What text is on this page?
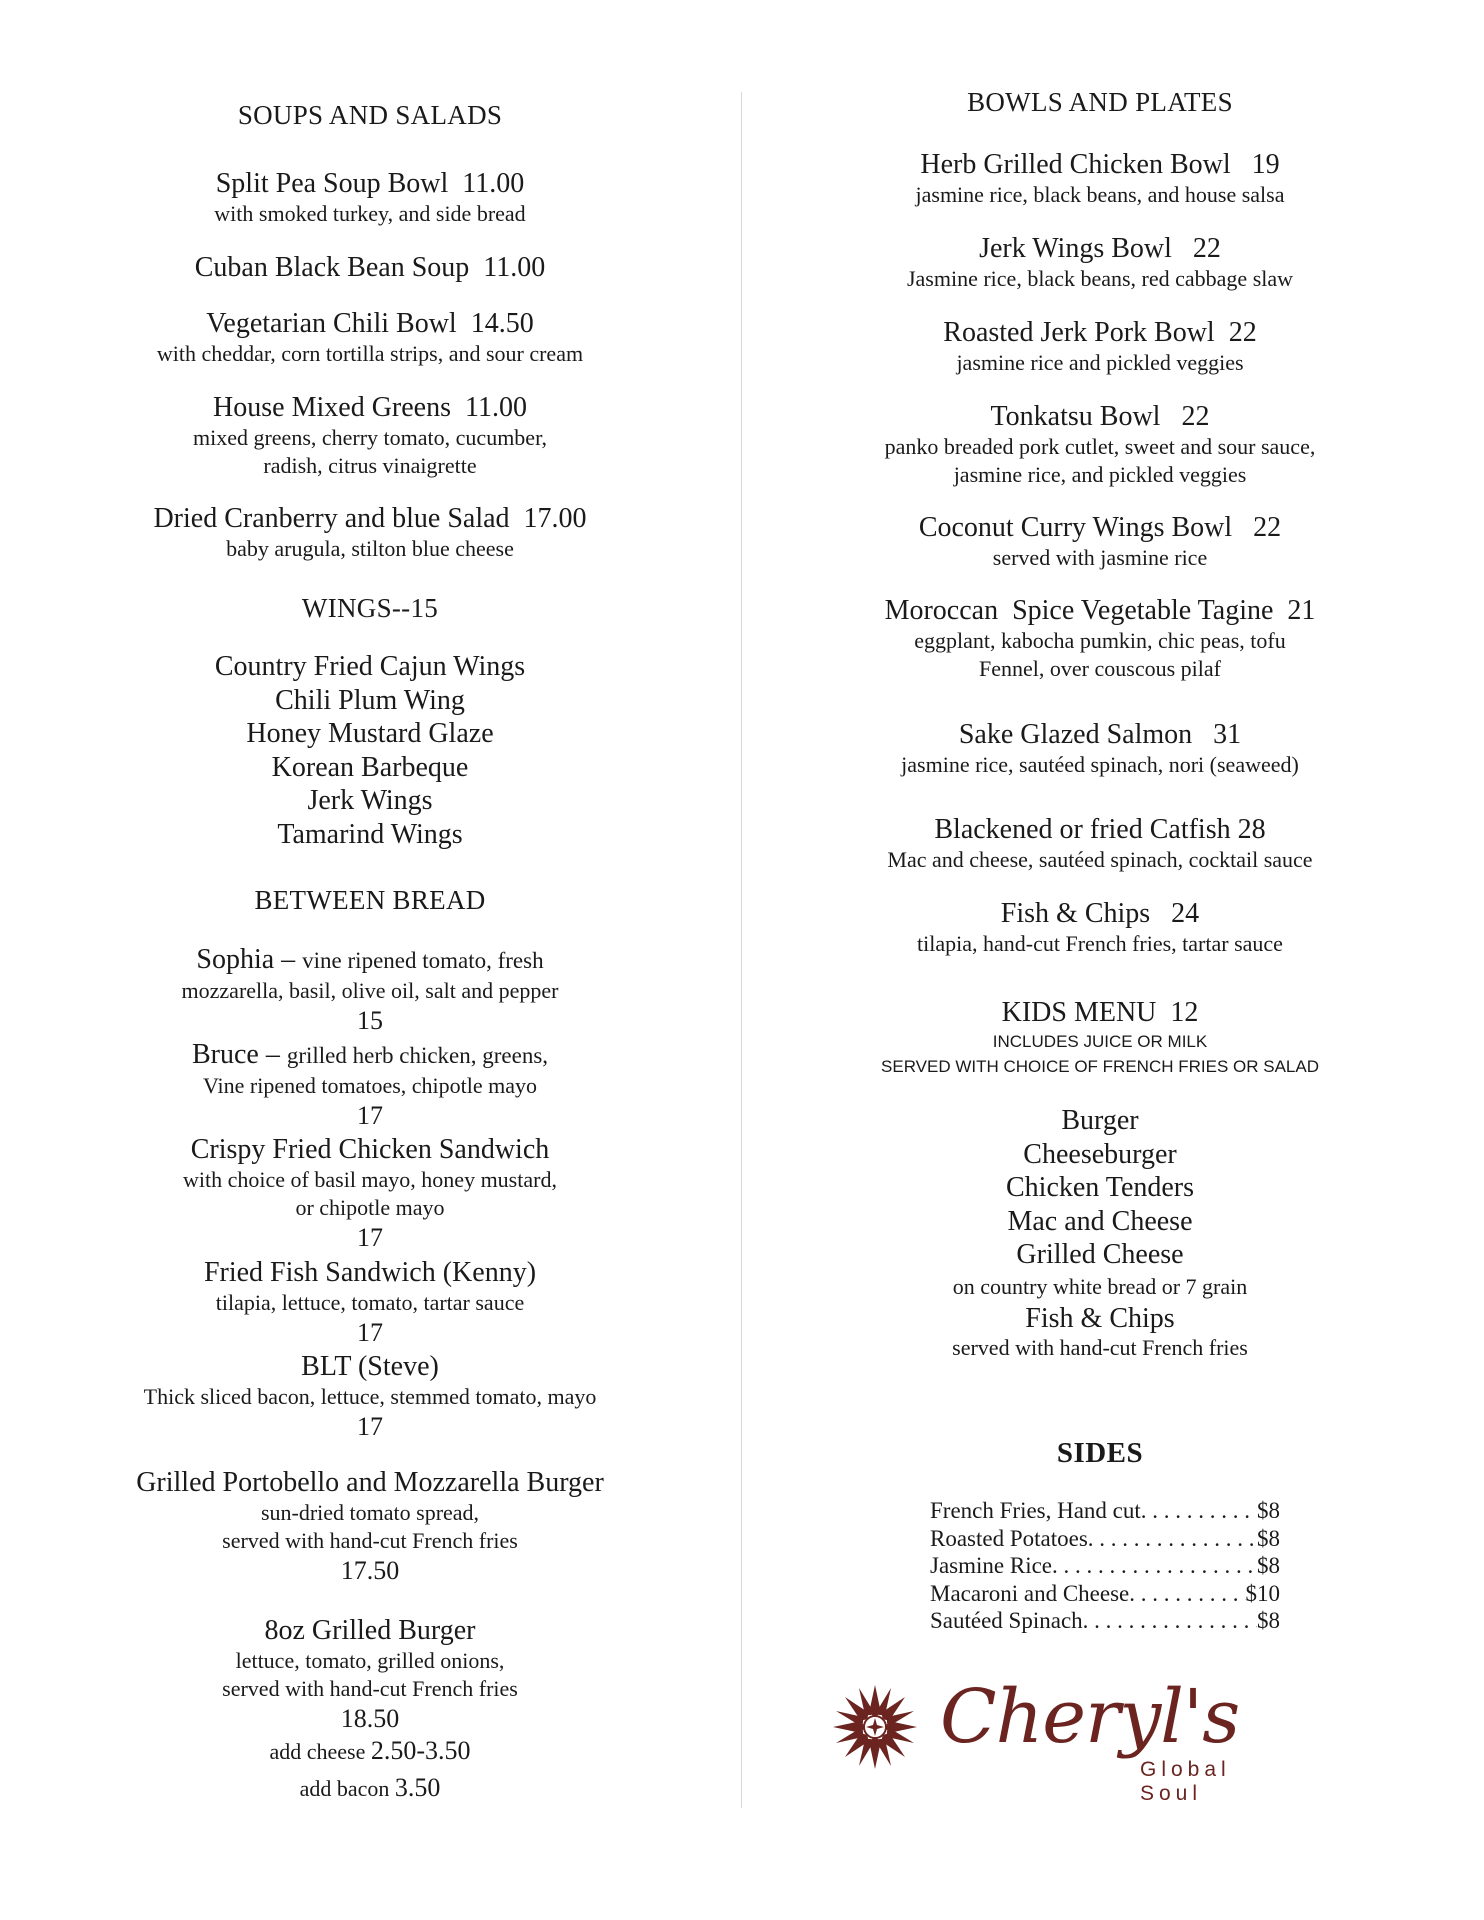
SOUPS AND SALADS
Split Pea Soup Bowl  11.00
with smoked turkey, and side bread
Cuban Black Bean Soup  11.00
Vegetarian Chili Bowl  14.50
with cheddar, corn tortilla strips, and sour cream
House Mixed Greens  11.00
mixed greens, cherry tomato, cucumber,
radish, citrus vinaigrette
Dried Cranberry and blue Salad  17.00
baby arugula, stilton blue cheese
WINGS--15
Country Fried Cajun Wings
Chili Plum Wing
Honey Mustard Glaze
Korean Barbeque
Jerk Wings
Tamarind Wings
BETWEEN BREAD
Sophia – vine ripened tomato, fresh
mozzarella, basil, olive oil, salt and pepper
15
Bruce – grilled herb chicken, greens,
Vine ripened tomatoes, chipotle mayo
17
Crispy Fried Chicken Sandwich
with choice of basil mayo, honey mustard,
or chipotle mayo
17
Fried Fish Sandwich (Kenny)
tilapia, lettuce, tomato, tartar sauce
17
BLT (Steve)
Thick sliced bacon, lettuce, stemmed tomato, mayo
17
Grilled Portobello and Mozzarella Burger
sun-dried tomato spread,
served with hand-cut French fries
17.50
8oz Grilled Burger
lettuce, tomato, grilled onions,
served with hand-cut French fries
18.50
add cheese 2.50-3.50
add bacon 3.50
BOWLS AND PLATES
Herb Grilled Chicken Bowl   19
jasmine rice, black beans, and house salsa
Jerk Wings Bowl   22
Jasmine rice, black beans, red cabbage slaw
Roasted Jerk Pork Bowl  22
jasmine rice and pickled veggies
Tonkatsu Bowl   22
panko breaded pork cutlet, sweet and sour sauce,
jasmine rice, and pickled veggies
Coconut Curry Wings Bowl   22
served with jasmine rice
Moroccan  Spice Vegetable Tagine  21
eggplant, kabocha pumkin, chic peas, tofu
Fennel, over couscous pilaf
Sake Glazed Salmon   31
jasmine rice, sautéed spinach, nori (seaweed)
Blackened or fried Catfish 28
Mac and cheese, sautéed spinach, cocktail sauce
Fish & Chips   24
tilapia, hand-cut French fries, tartar sauce
KIDS MENU  12
INCLUDES JUICE OR MILK
SERVED WITH CHOICE OF FRENCH FRIES OR SALAD
Burger
Cheeseburger
Chicken Tenders
Mac and Cheese
Grilled Cheese
on country white bread or 7 grain
Fish & Chips
served with hand-cut French fries
SIDES
French Fries, Hand cut . . .	$8
Roasted Potatoes . . .	$8
Jasmine Rice . . .	$8
Macaroni and Cheese . . .	$10
Sautéed Spinach . . .	$8
Cheryl's
Global Soul
